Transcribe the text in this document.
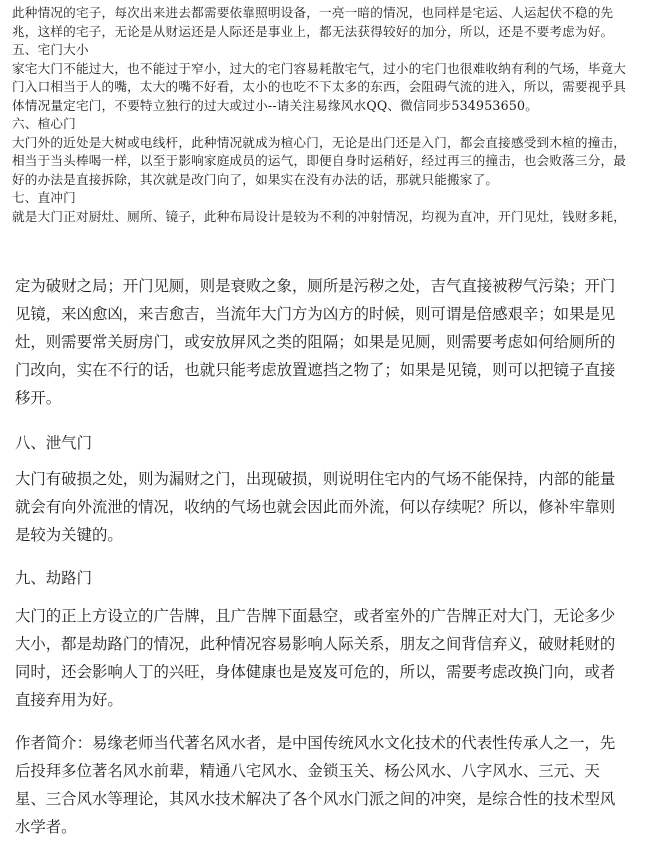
此种情况的宅子，每次出来进去都需要依靠照明设备，一亮一暗的情况，也同样是宅运、人运起伏不稳的先
兆，这样的宅子，无论是从财运还是人际还是事业上，都无法获得较好的加分，所以，还是不要考虑为好。
五、宅门大小
家宅大门不能过大，也不能过于窄小，过大的宅门容易耗散宅气，过小的宅门也很难收纳有利的气场，毕竟大
门入口相当于人的嘴，太大的嘴不好看，太小的也吃不下太多的东西，会阻碍气流的进入，所以，需要视乎具
体情况量定宅门，不要特立独行的过大或过小--请关注易缘风水QQ、微信同步534953650。
六、楦心门
大门外的近处是大树或电线杆，此种情况就成为楦心门，无论是出门还是入门，都会直接感受到木楦的撞击，
相当于当头棒喝一样，以至于影响家庭成员的运气，即便自身时运稍好，经过再三的撞击，也会败落三分，最
好的办法是直接拆除，其次就是改门向了，如果实在没有办法的话，那就只能搬家了。
七、直冲门
就是大门正对厨灶、厕所、镜子，此种布局设计是较为不利的冲射情况，均视为直冲，开门见灶，钱财多耗，
定为破财之局；开门见厕，则是衰败之象，厕所是污秽之处，吉气直接被秽气污染；开门
见镜，来凶愈凶，来吉愈吉，当流年大门方为凶方的时候，则可谓是倍感艰辛；如果是见
灶，则需要常关厨房门，或安放屏风之类的阻隔；如果是见厕，则需要考虑如何给厕所的
门改向，实在不行的话，也就只能考虑放置遮挡之物了；如果是见镜，则可以把镜子直接
移开。
八、泄气门
大门有破损之处，则为漏财之门，出现破损，则说明住宅内的气场不能保持，内部的能量
就会有向外流泄的情况，收纳的气场也就会因此而外流，何以存续呢？所以，修补牢靠则
是较为关键的。
九、劫路门
大门的正上方设立的广告牌，且广告牌下面悬空，或者室外的广告牌正对大门，无论多少
大小，都是劫路门的情况，此种情况容易影响人际关系，朋友之间背信弃义，破财耗财的
同时，还会影响人丁的兴旺，身体健康也是岌岌可危的，所以，需要考虑改换门向，或者
直接弃用为好。
作者简介：易缘老师当代著名风水者，是中国传统风水文化技术的代表性传承人之一，先
后投拜多位著名风水前辈，精通八宅风水、金锁玉关、杨公风水、八字风水、三元、天
星、三合风水等理论，其风水技术解决了各个风水门派之间的冲突，是综合性的技术型风
水学者。
